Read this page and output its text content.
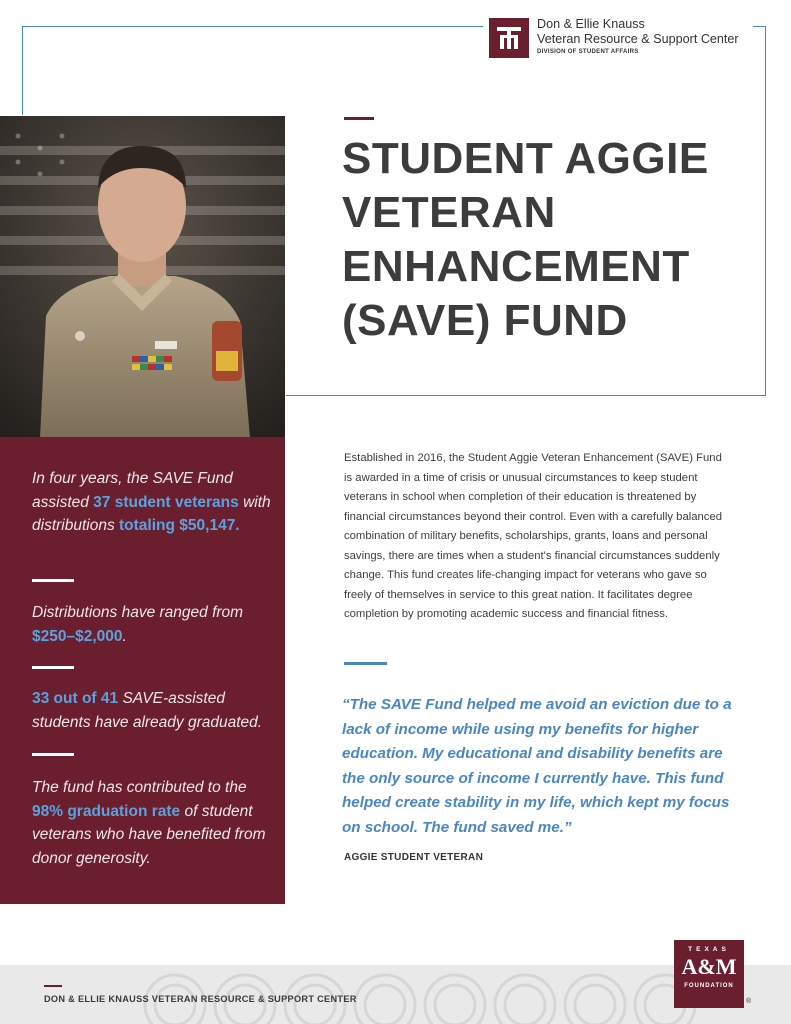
Don & Ellie Knauss
Veteran Resource & Support Center
DIVISION OF STUDENT AFFAIRS
STUDENT AGGIE VETERAN ENHANCEMENT (SAVE) FUND
In four years, the SAVE Fund assisted 37 student veterans with distributions totaling $50,147.
Distributions have ranged from $250–$2,000.
33 out of 41 SAVE-assisted students have already graduated.
The fund has contributed to the 98% graduation rate of student veterans who have benefited from donor generosity.
Established in 2016, the Student Aggie Veteran Enhancement (SAVE) Fund is awarded in a time of crisis or unusual circumstances to keep student veterans in school when completion of their education is threatened by financial circumstances beyond their control. Even with a carefully balanced combination of military benefits, scholarships, grants, loans and personal savings, there are times when a student's financial circumstances suddenly change. This fund creates life-changing impact for veterans who gave so freely of themselves in service to this great nation. It facilitates degree completion by promoting academic success and financial fitness.
“The SAVE Fund helped me avoid an eviction due to a lack of income while using my benefits for higher education. My educational and disability benefits are the only source of income I currently have. This fund helped create stability in my life, which kept my focus on school. The fund saved me.”
AGGIE STUDENT VETERAN
DON & ELLIE KNAUSS VETERAN RESOURCE & SUPPORT CENTER
TEXAS
A&M
FOUNDATION
®
